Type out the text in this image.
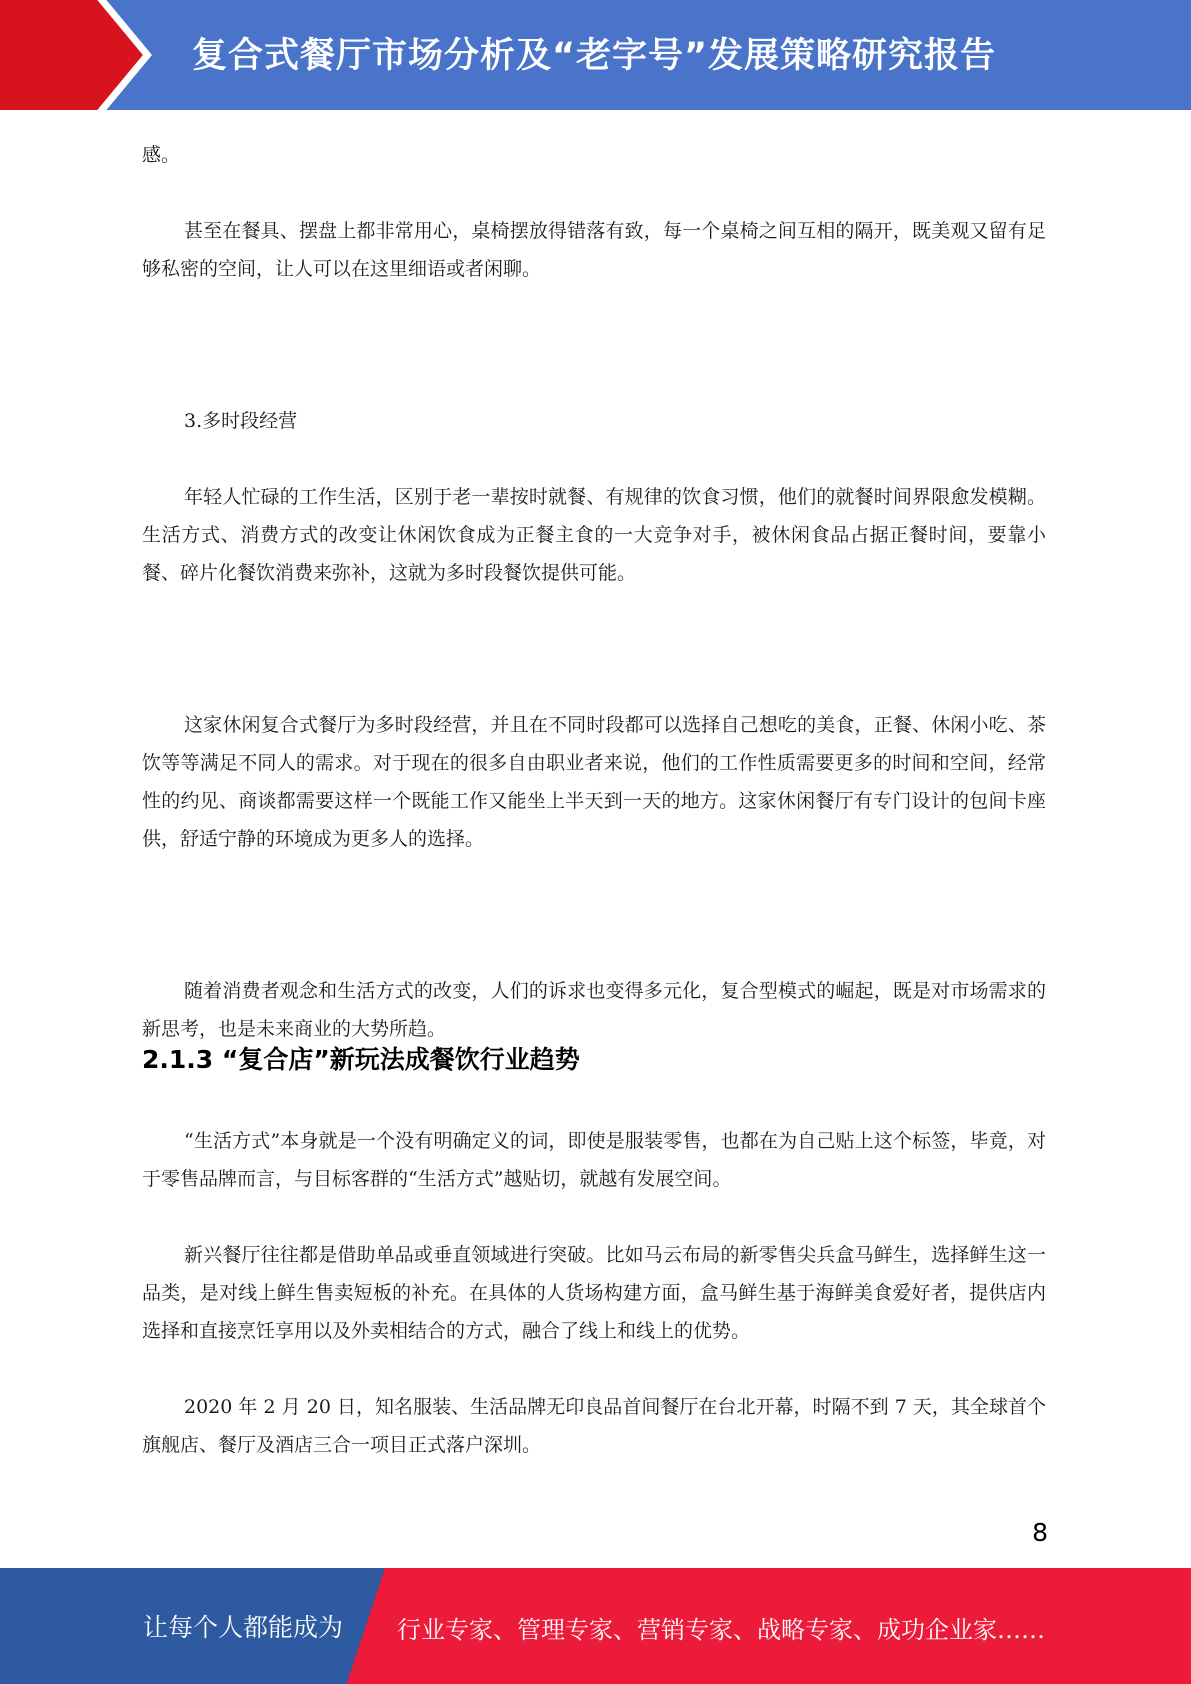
复合式餐厅市场分析及“老字号”发展策略研究报告

感。

甚至在餐具、摆盘上都非常用心，桌椅摆放得错落有致，每一个桌椅之间互相的隔开，既美观又留有足够私密的空间，让人可以在这里细语或者闲聊。

3.多时段经营

年轻人忙碌的工作生活，区别于老一辈按时就餐、有规律的饮食习惯，他们的就餐时间界限愈发模糊。生活方式、消费方式的改变让休闲饮食成为正餐主食的一大竞争对手，被休闲食品占据正餐时间，要靠小餐、碎片化餐饮消费来弥补，这就为多时段餐饮提供可能。

这家休闲复合式餐厅为多时段经营，并且在不同时段都可以选择自己想吃的美食，正餐、休闲小吃、茶饮等等满足不同人的需求。对于现在的很多自由职业者来说，他们的工作性质需要更多的时间和空间，经常性的约见、商谈都需要这样一个既能工作又能坐上半天到一天的地方。这家休闲餐厅有专门设计的包间卡座供，舒适宁静的环境成为更多人的选择。

随着消费者观念和生活方式的改变，人们的诉求也变得多元化，复合型模式的崛起，既是对市场需求的新思考，也是未来商业的大势所趋。

2.1.3 “复合店”新玩法成餐饮行业趋势

“生活方式”本身就是一个没有明确定义的词，即使是服装零售，也都在为自己贴上这个标签，毕竟，对于零售品牌而言，与目标客群的“生活方式”越贴切，就越有发展空间。

新兴餐厅往往都是借助单品或垂直领域进行突破。比如马云布局的新零售尖兵盒马鲜生，选择鲜生这一品类，是对线上鲜生售卖短板的补充。在具体的人货场构建方面，盒马鲜生基于海鲜美食爱好者，提供店内选择和直接烹饪享用以及外卖相结合的方式，融合了线上和线上的优势。

2020 年 2 月 20 日，知名服装、生活品牌无印良品首间餐厅在台北开幕，时隔不到 7 天，其全球首个旗舰店、餐厅及酒店三合一项目正式落户深圳。

8
让每个人都能成为 行业专家、管理专家、营销专家、战略专家、成功企业家……
